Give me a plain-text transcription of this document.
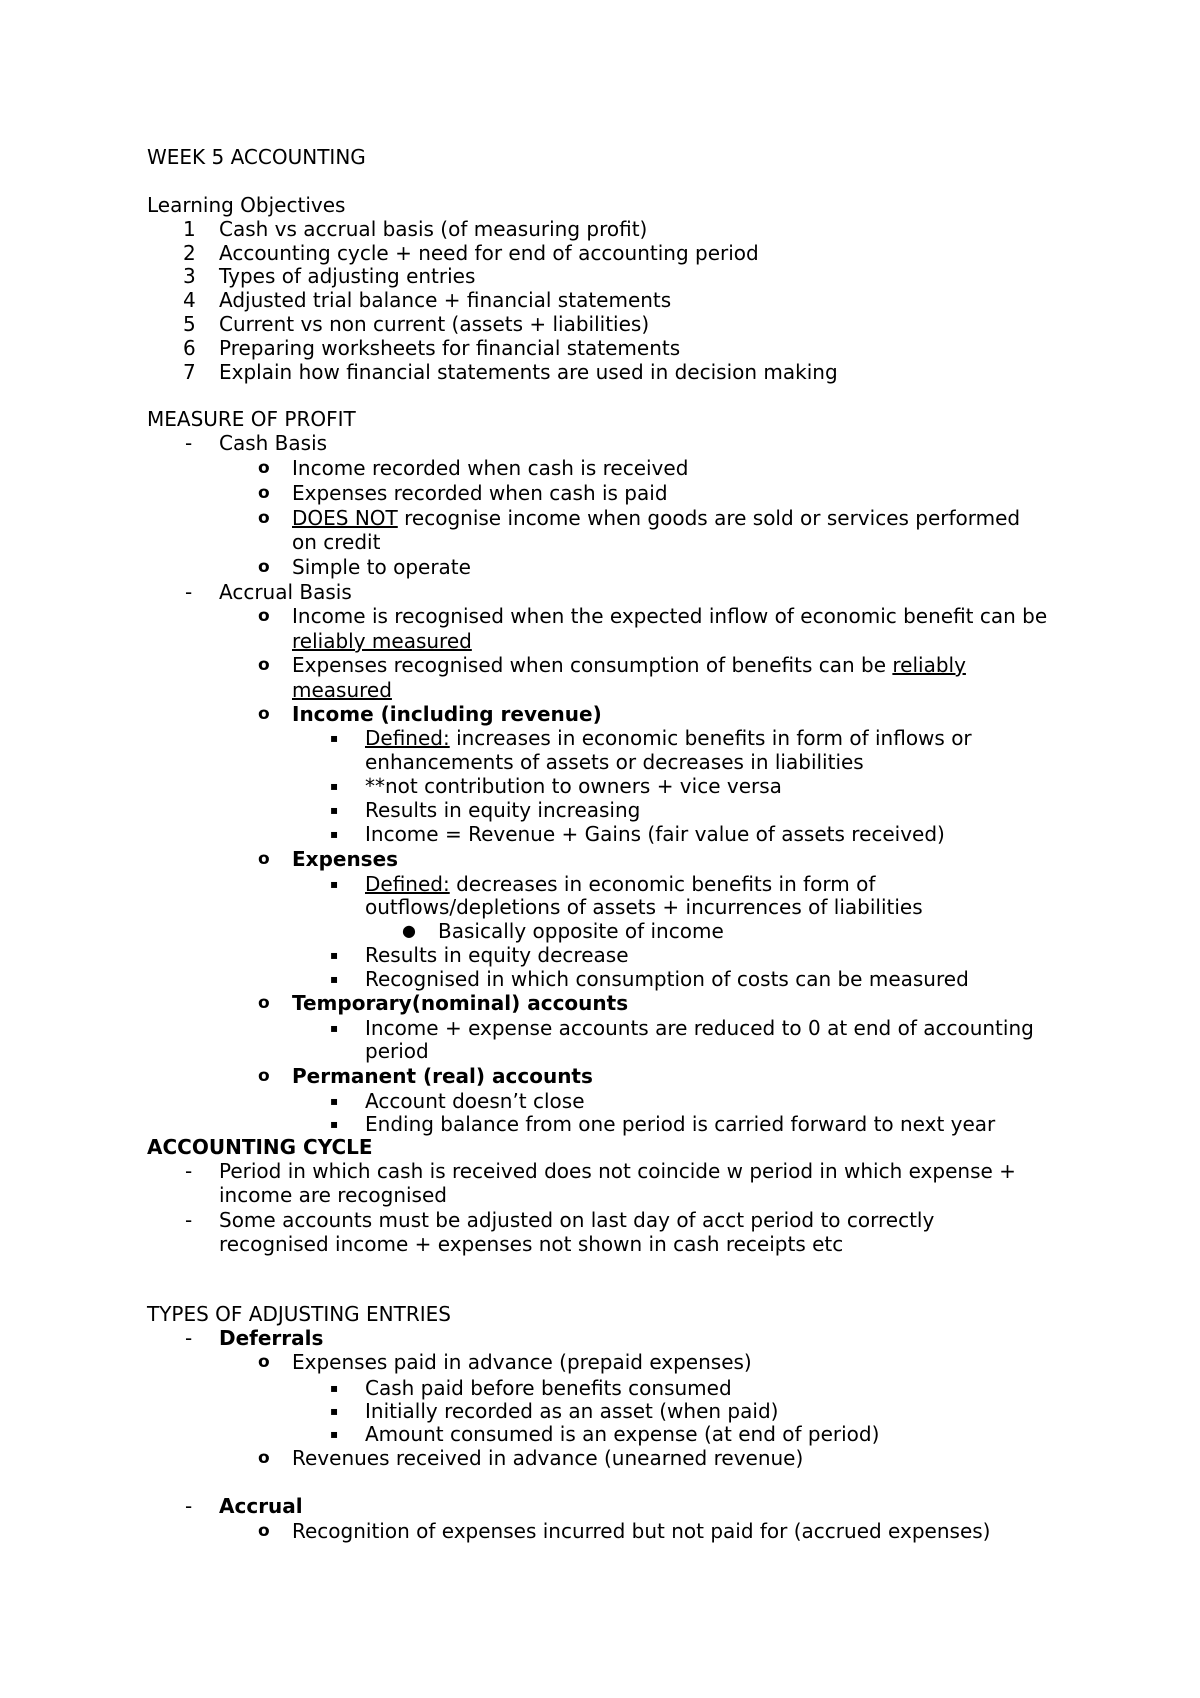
WEEK 5 ACCOUNTING
Learning Objectives
1 Cash vs accrual basis (of measuring profit)
2 Accounting cycle + need for end of accounting period
3 Types of adjusting entries
4 Adjusted trial balance + financial statements
5 Current vs non current (assets + liabilities)
6 Preparing worksheets for financial statements
7 Explain how financial statements are used in decision making
MEASURE OF PROFIT
- Cash Basis
o Income recorded when cash is received
o Expenses recorded when cash is paid
o DOES NOT recognise income when goods are sold or services performed
on credit
o Simple to operate
- Accrual Basis
o Income is recognised when the expected inflow of economic benefit can be
reliably measured
o Expenses recognised when consumption of benefits can be reliably
measured
o Income (including revenue)
▪ Defined: increases in economic benefits in form of inflows or
enhancements of assets or decreases in liabilities
▪ **not contribution to owners + vice versa
▪ Results in equity increasing
▪ Income = Revenue + Gains (fair value of assets received)
o Expenses
▪ Defined: decreases in economic benefits in form of
outflows/depletions of assets + incurrences of liabilities
● Basically opposite of income
▪ Results in equity decrease
▪ Recognised in which consumption of costs can be measured
o Temporary(nominal) accounts
▪ Income + expense accounts are reduced to 0 at end of accounting
period
o Permanent (real) accounts
▪ Account doesn’t close
▪ Ending balance from one period is carried forward to next year
ACCOUNTING CYCLE
- Period in which cash is received does not coincide w period in which expense +
income are recognised
- Some accounts must be adjusted on last day of acct period to correctly
recognised income + expenses not shown in cash receipts etc
TYPES OF ADJUSTING ENTRIES
- Deferrals
o Expenses paid in advance (prepaid expenses)
▪ Cash paid before benefits consumed
▪ Initially recorded as an asset (when paid)
▪ Amount consumed is an expense (at end of period)
o Revenues received in advance (unearned revenue)
- Accrual
o Recognition of expenses incurred but not paid for (accrued expenses)
